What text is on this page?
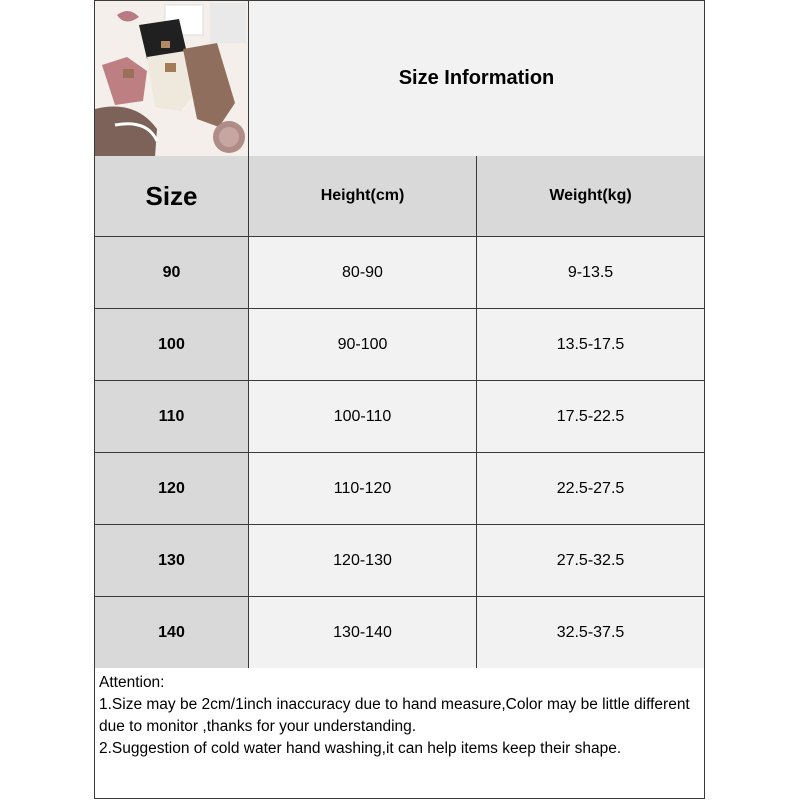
Size Information
Size	Height(cm)	Weight(kg)
90	80-90	9-13.5
100	90-100	13.5-17.5
110	100-110	17.5-22.5
120	110-120	22.5-27.5
130	120-130	27.5-32.5
140	130-140	32.5-37.5
Attention:
1.Size may be 2cm/1inch inaccuracy due to hand measure,Color may be little different due to monitor ,thanks for your understanding.
2.Suggestion of cold water hand washing,it can help items keep their shape.
